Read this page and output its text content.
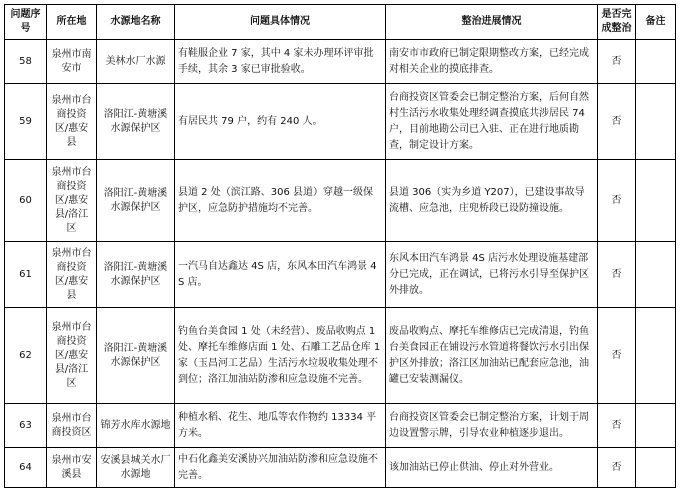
问题序号	所在地	水源地名称	问题具体情况	整治进展情况	是否完成整治	备注
58	泉州市南安市	美林水厂水源	有鞋服企业 7 家，其中 4 家未办理环评审批手续，其余 3 家已审批验收。	南安市市政府已制定限期整改方案，已经完成对相关企业的摸底排查。	否	
59	泉州市台商投资区/惠安县	洛阳江-黄塘溪水源保护区	有居民共 79 户，约有 240 人。	台商投资区管委会已制定整治方案，后何自然村生活污水收集处理经调查摸底共涉居民 74 户，目前地勘公司已入驻、正在进行地质勘查，制定设计方案。	否	
60	泉州市台商投资区/惠安县/洛江区	洛阳江-黄塘溪水源保护区	县道 2 处（滨江路、306 县道）穿越一级保护区，应急防护措施均不完善。	县道 306（实为乡道 Y207），已建设事故导流槽、应急池，庄兜桥段已设防撞设施。	否	
61	泉州市台商投资区/惠安县	洛阳江-黄塘溪水源保护区	一汽马自达鑫达 4S 店，东风本田汽车鸿景 4S 店。	东风本田汽车鸿景 4S 店污水处理设施基建部分已完成，正在调试，已将污水引导至保护区外排放。	否	
62	泉州市台商投资区/惠安县/洛江区	洛阳江-黄塘溪水源保护区	钓鱼台美食园 1 处（未经营）、废品收购点 1 处、摩托车维修店面 1 处、石雕工艺品仓库 1 家（玉昌河工艺品）生活污水垃圾收集处理不到位；洛江加油站防渗和应急设施不完善。	废品收购点、摩托车维修店已完成清退，钓鱼台美食园正在铺设污水管道将餐饮污水引出保护区外排放；洛江区加油站已配套应急池，油罐已安装测漏仪。	否	
63	泉州市台商投资区	锦芳水库水源地	种植水稻、花生、地瓜等农作物约 13334 平方米。	台商投资区管委会已制定整治方案，计划于周边设置警示牌，引导农业种植逐步退出。	否	
64	泉州市安溪县	安溪县城关水厂水源地	中石化鑫美安溪协兴加油站防渗和应急设施不完善。	该加油站已停止供油、停止对外营业。	否	
